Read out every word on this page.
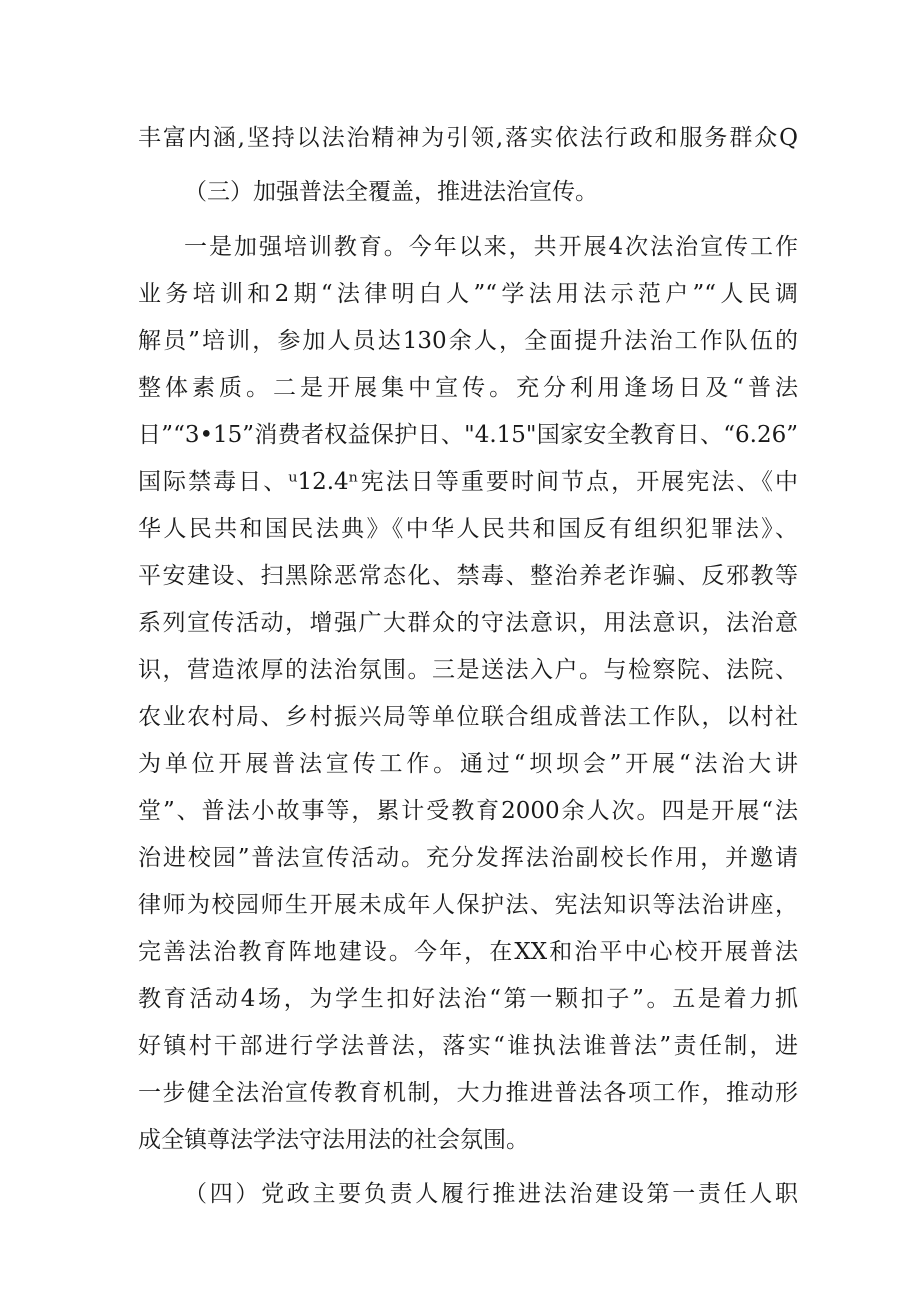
丰富内涵,坚持以法治精神为引领,落实依法行政和服务群众Q
（三）加强普法全覆盖，推进法治宣传。
一是加强培训教育。今年以来，共开展4次法治宣传工作
业务培训和2期“法律明白人”“学法用法示范户”“人民调
解员”培训，参加人员达130余人，全面提升法治工作队伍的
整体素质。二是开展集中宣传。充分利用逢场日及“普法
日”“3•15”消费者权益保护日、"4.15"国家安全教育日、“6.26”
国际禁毒日、ᵘ12.4ⁿ宪法日等重要时间节点，开展宪法、《中
华人民共和国民法典》《中华人民共和国反有组织犯罪法》、
平安建设、扫黑除恶常态化、禁毒、整治养老诈骗、反邪教等
系列宣传活动，增强广大群众的守法意识，用法意识，法治意
识，营造浓厚的法治氛围。三是送法入户。与检察院、法院、
农业农村局、乡村振兴局等单位联合组成普法工作队，以村社
为单位开展普法宣传工作。通过“坝坝会”开展“法治大讲
堂”、普法小故事等，累计受教育2000余人次。四是开展“法
治进校园”普法宣传活动。充分发挥法治副校长作用，并邀请
律师为校园师生开展未成年人保护法、宪法知识等法治讲座，
完善法治教育阵地建设。今年，在XX和治平中心校开展普法
教育活动4场，为学生扣好法治“第一颗扣子”。五是着力抓
好镇村干部进行学法普法，落实“谁执法谁普法”责任制，进
一步健全法治宣传教育机制，大力推进普法各项工作，推动形
成全镇尊法学法守法用法的社会氛围。
（四）党政主要负责人履行推进法治建设第一责任人职
